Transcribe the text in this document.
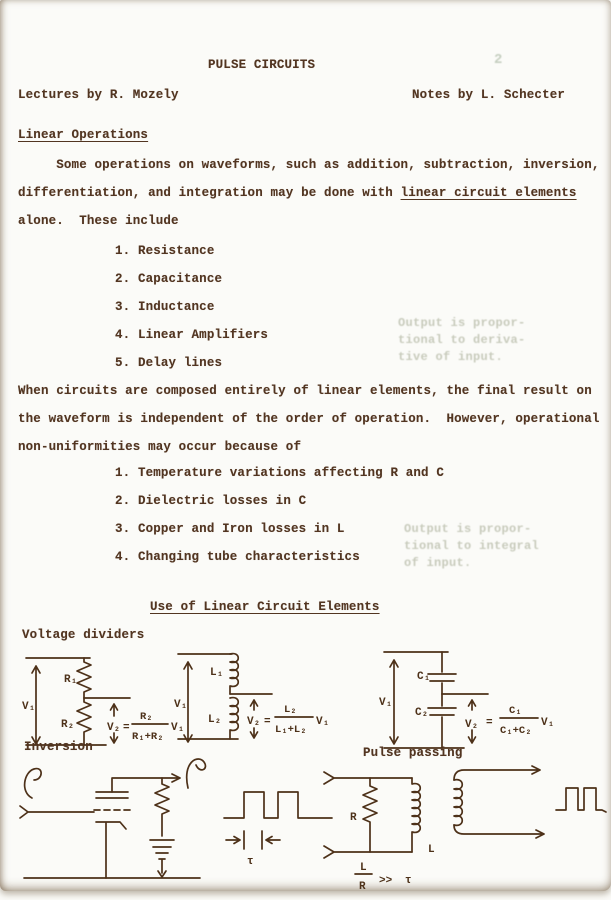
2
PULSE CIRCUITS
Lectures by R. Mozely	Notes by L. Schecter
Linear Operations
Some operations on waveforms, such as addition, subtraction, inversion,
differentiation, and integration may be done with linear circuit elements
alone.  These include
1. Resistance
2. Capacitance
3. Inductance
4. Linear Amplifiers
5. Delay lines
Output is propor-
tional to deriva-
tive of input.
When circuits are composed entirely of linear elements, the final result on
the waveform is independent of the order of operation.  However, operational
non-uniformities may occur because of
1. Temperature variations affecting R and C
2. Dielectric losses in C
3. Copper and Iron losses in L
4. Changing tube characteristics
Output is propor-
tional to integral
of input.
Use of Linear Circuit Elements
Voltage dividers
V₁
R₁
R₂	V₂ =
R₂
R₁+R₂
V₁
V₁
L₁
L₂ V₂ =
L₂
L₁+L₂
V₁
V₁
C₁
C₂
V₂ =
C₁
C₁+C₂
V₁
Inversion	Pulse passing
τ
R
L
L
R >> τ
